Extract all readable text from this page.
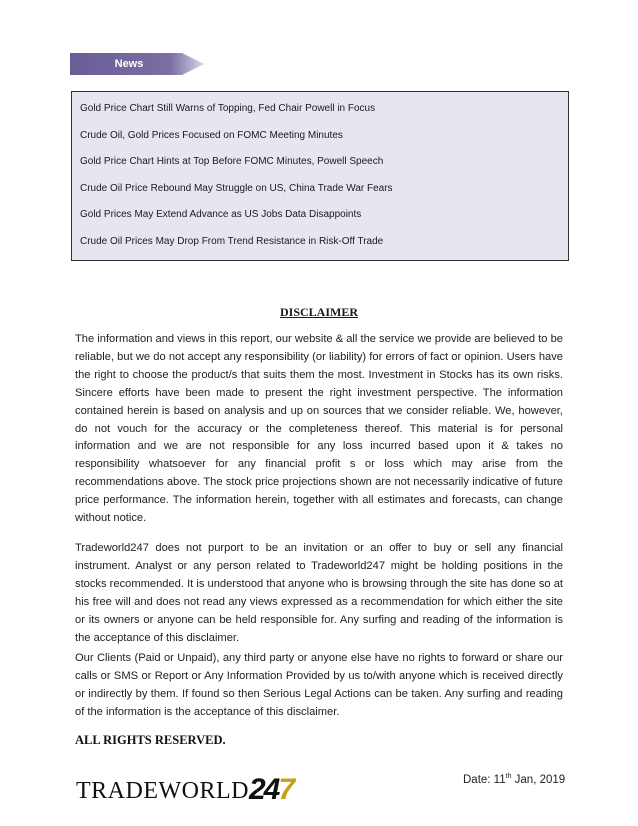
News
Gold Price Chart Still Warns of Topping, Fed Chair Powell in Focus
Crude Oil, Gold Prices Focused on FOMC Meeting Minutes
Gold Price Chart Hints at Top Before FOMC Minutes, Powell Speech
Crude Oil Price Rebound May Struggle on US, China Trade War Fears
Gold Prices May Extend Advance as US Jobs Data Disappoints
Crude Oil Prices May Drop From Trend Resistance in Risk-Off Trade
DISCLAIMER

The information and views in this report, our website & all the service we provide are believed to be reliable, but we do not accept any responsibility (or liability) for errors of fact or opinion. Users have the right to choose the product/s that suits them the most. Investment in Stocks has its own risks. Sincere efforts have been made to present the right investment perspective. The information contained herein is based on analysis and up on sources that we consider reliable. We, however, do not vouch for the accuracy or the completeness thereof. This material is for personal information and we are not responsible for any loss incurred based upon it & takes no responsibility whatsoever for any financial profit s or loss which may arise from the recommendations above. The stock price projections shown are not necessarily indicative of future price performance. The information herein, together with all estimates and forecasts, can change without notice.

Tradeworld247 does not purport to be an invitation or an offer to buy or sell any financial instrument. Analyst or any person related to Tradeworld247 might be holding positions in the stocks recommended. It is understood that anyone who is browsing through the site has done so at his free will and does not read any views expressed as a recommendation for which either the site or its owners or anyone can be held responsible for. Any surfing and reading of the information is the acceptance of this disclaimer.

Our Clients (Paid or Unpaid), any third party or anyone else have no rights to forward or share our calls or SMS or Report or Any Information Provided by us to/with anyone which is received directly or indirectly by them. If found so then Serious Legal Actions can be taken. Any surfing and reading of the information is the acceptance of this disclaimer.

ALL RIGHTS RESERVED.
TRADEWORLD 247	Date: 11th Jan, 2019
